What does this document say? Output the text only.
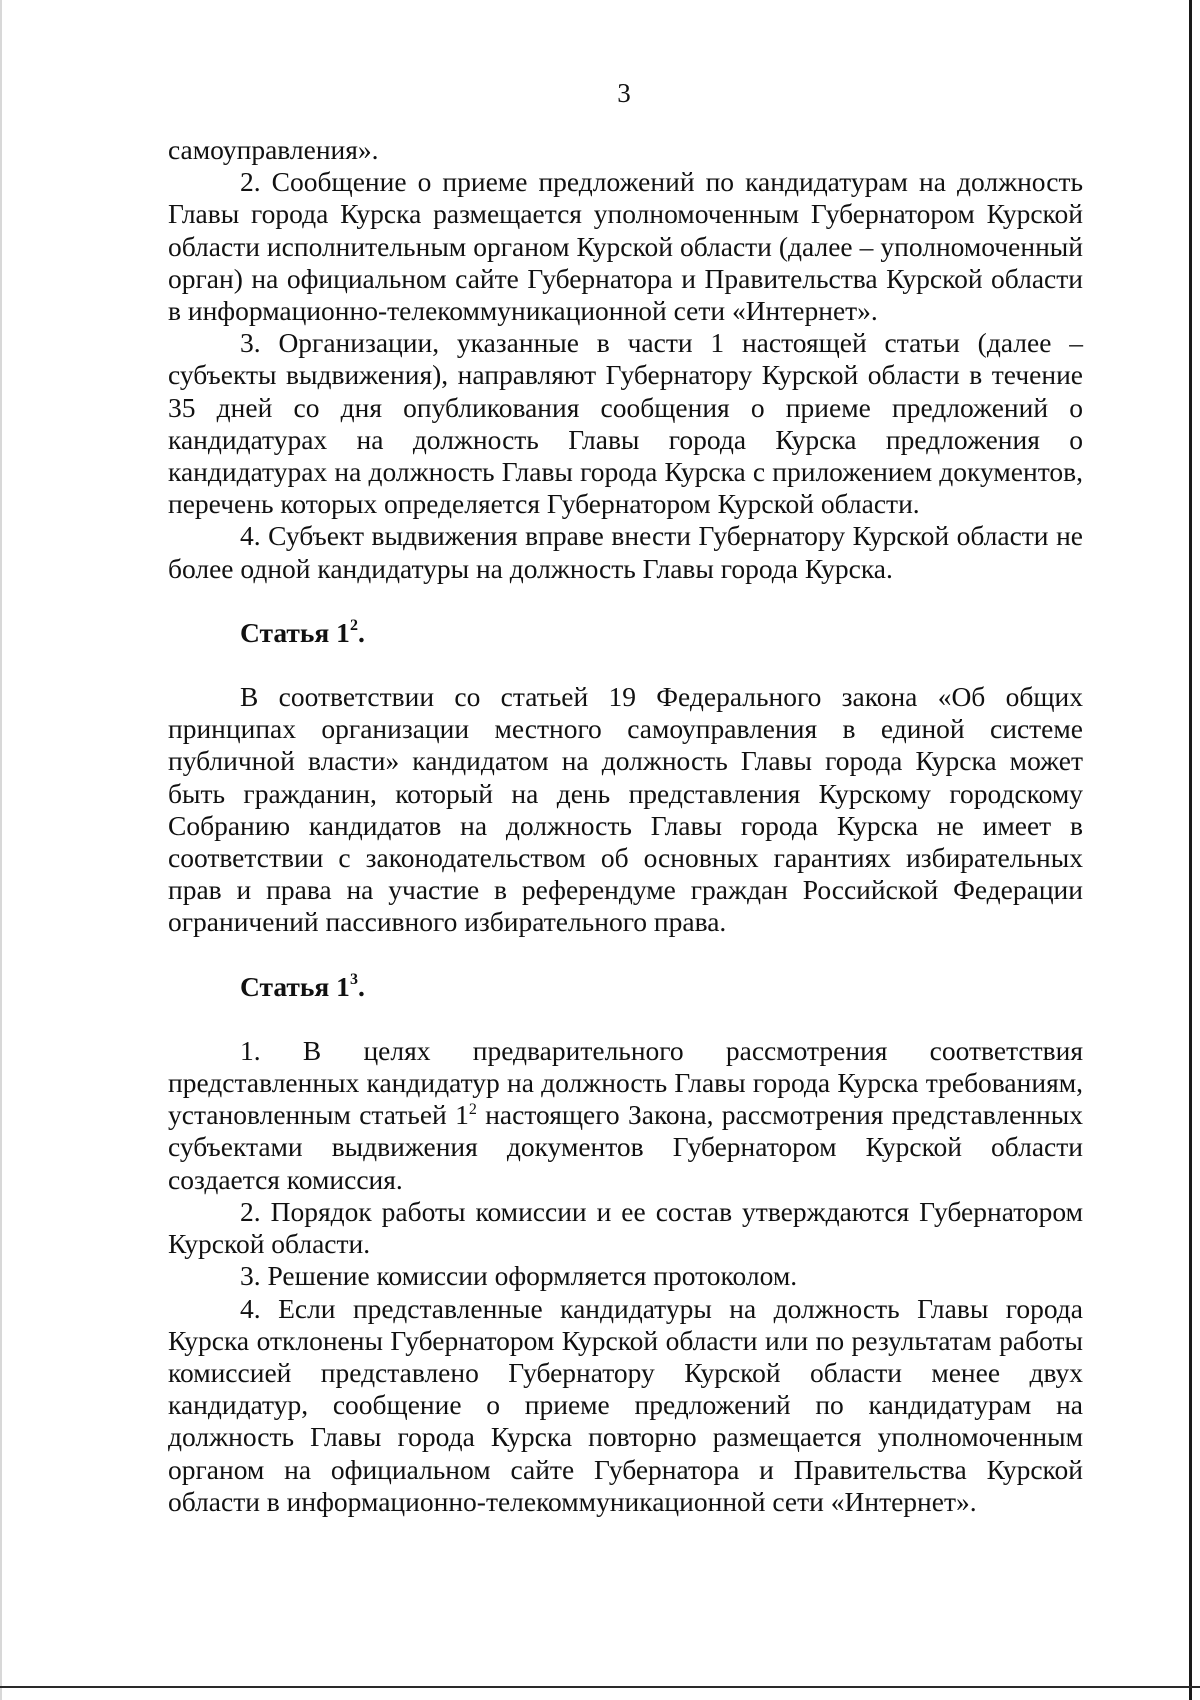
3

самоуправления».

2. Сообщение о приеме предложений по кандидатурам на должность Главы города Курска размещается уполномоченным Губернатором Курской области исполнительным органом Курской области (далее – уполномоченный орган) на официальном сайте Губернатора и Правительства Курской области в информационно-телекоммуникационной сети «Интернет».

3. Организации, указанные в части 1 настоящей статьи (далее – субъекты выдвижения), направляют Губернатору Курской области в течение 35 дней со дня опубликования сообщения о приеме предложений о кандидатурах на должность Главы города Курска предложения о кандидатурах на должность Главы города Курска с приложением документов, перечень которых определяется Губернатором Курской области.

4. Субъект выдвижения вправе внести Губернатору Курской области не более одной кандидатуры на должность Главы города Курска.

Статья $1^2$.

В соответствии со статьей 19 Федерального закона «Об общих принципах организации местного самоуправления в единой системе публичной власти» кандидатом на должность Главы города Курска может быть гражданин, который на день представления Курскому городскому Собранию кандидатов на должность Главы города Курска не имеет в соответствии с законодательством об основных гарантиях избирательных прав и права на участие в референдуме граждан Российской Федерации ограничений пассивного избирательного права.

Статья $1^3$.

1. В целях предварительного рассмотрения соответствия представленных кандидатур на должность Главы города Курска требованиям, установленным статьей $1^2$ настоящего Закона, рассмотрения представленных субъектами выдвижения документов Губернатором Курской области создается комиссия.

2. Порядок работы комиссии и ее состав утверждаются Губернатором Курской области.

3. Решение комиссии оформляется протоколом.

4. Если представленные кандидатуры на должность Главы города Курска отклонены Губернатором Курской области или по результатам работы комиссией представлено Губернатору Курской области менее двух кандидатур, сообщение о приеме предложений по кандидатурам на должность Главы города Курска повторно размещается уполномоченным органом на официальном сайте Губернатора и Правительства Курской области в информационно-телекоммуникационной сети «Интернет».
